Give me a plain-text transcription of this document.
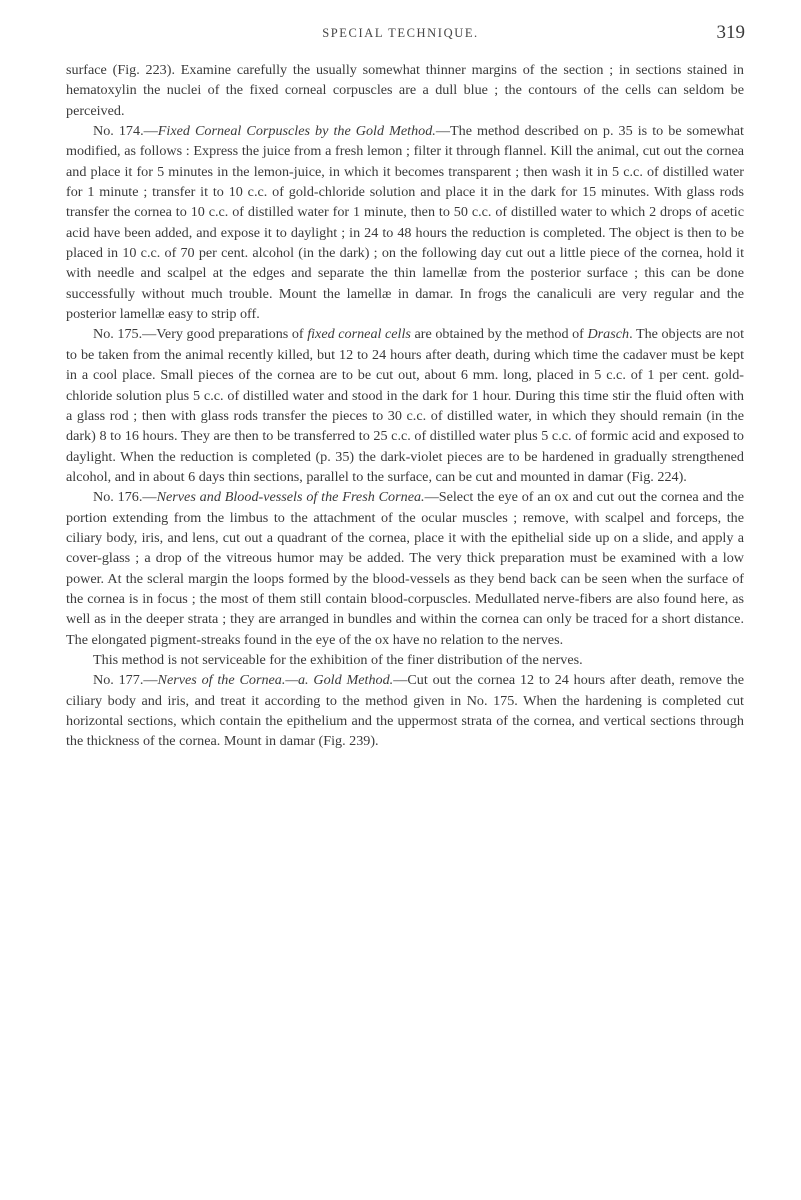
SPECIAL TECHNIQUE.	319

surface (Fig. 223). Examine carefully the usually somewhat thinner margins of the section ; in sections stained in hematoxylin the nuclei of the fixed corneal corpuscles are a dull blue ; the contours of the cells can seldom be perceived.

No. 174.—Fixed Corneal Corpuscles by the Gold Method.—The method described on p. 35 is to be somewhat modified, as follows : Express the juice from a fresh lemon ; filter it through flannel. Kill the animal, cut out the cornea and place it for 5 minutes in the lemon-juice, in which it becomes transparent ; then wash it in 5 c.c. of distilled water for 1 minute ; transfer it to 10 c.c. of gold-chloride solution and place it in the dark for 15 minutes. With glass rods transfer the cornea to 10 c.c. of distilled water for 1 minute, then to 50 c.c. of distilled water to which 2 drops of acetic acid have been added, and expose it to daylight ; in 24 to 48 hours the reduction is completed. The object is then to be placed in 10 c.c. of 70 per cent. alcohol (in the dark) ; on the following day cut out a little piece of the cornea, hold it with needle and scalpel at the edges and separate the thin lamellæ from the posterior surface ; this can be done successfully without much trouble. Mount the lamellæ in damar. In frogs the canaliculi are very regular and the posterior lamellæ easy to strip off.

No. 175.—Very good preparations of fixed corneal cells are obtained by the method of Drasch. The objects are not to be taken from the animal recently killed, but 12 to 24 hours after death, during which time the cadaver must be kept in a cool place. Small pieces of the cornea are to be cut out, about 6 mm. long, placed in 5 c.c. of 1 per cent. gold-chloride solution plus 5 c.c. of distilled water and stood in the dark for 1 hour. During this time stir the fluid often with a glass rod ; then with glass rods transfer the pieces to 30 c.c. of distilled water, in which they should remain (in the dark) 8 to 16 hours. They are then to be transferred to 25 c.c. of distilled water plus 5 c.c. of formic acid and exposed to daylight. When the reduction is completed (p. 35) the dark-violet pieces are to be hardened in gradually strengthened alcohol, and in about 6 days thin sections, parallel to the surface, can be cut and mounted in damar (Fig. 224).

No. 176.—Nerves and Blood-vessels of the Fresh Cornea.—Select the eye of an ox and cut out the cornea and the portion extending from the limbus to the attachment of the ocular muscles ; remove, with scalpel and forceps, the ciliary body, iris, and lens, cut out a quadrant of the cornea, place it with the epithelial side up on a slide, and apply a cover-glass ; a drop of the vitreous humor may be added. The very thick preparation must be examined with a low power. At the scleral margin the loops formed by the blood-vessels as they bend back can be seen when the surface of the cornea is in focus ; the most of them still contain blood-corpuscles. Medullated nerve-fibers are also found here, as well as in the deeper strata ; they are arranged in bundles and within the cornea can only be traced for a short distance. The elongated pigment-streaks found in the eye of the ox have no relation to the nerves.

This method is not serviceable for the exhibition of the finer distribution of the nerves.

No. 177.—Nerves of the Cornea.—a. Gold Method.—Cut out the cornea 12 to 24 hours after death, remove the ciliary body and iris, and treat it according to the method given in No. 175. When the hardening is completed cut horizontal sections, which contain the epithelium and the uppermost strata of the cornea, and vertical sections through the thickness of the cornea. Mount in damar (Fig. 239).
